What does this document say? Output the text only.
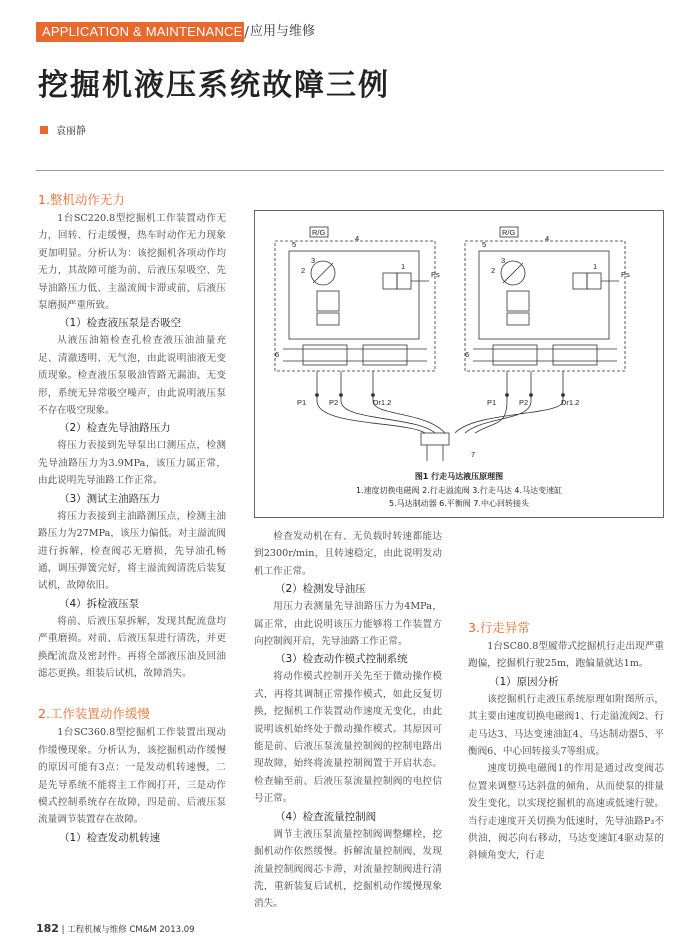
APPLICATION & MAINTENANCE / 应用与维修
挖掘机液压系统故障三例
袁丽静

1.整机动作无力

1台SC220.8型挖掘机工作装置动作无力，回转、行走缓慢，热车时动作无力现象更加明显。分析认为：该挖掘机各项动作均无力，其故障可能为前、后液压泵吸空、先导油路压力低、主溢流阀卡滞或前、后液压泵磨损严重所致。

（1）检查液压泵是否吸空

从液压油箱检查孔检查液压油油量充足、清澈透明、无气泡，由此说明油液无变质现象。检查液压泵吸油管路无漏油、无变形，系统无异常吸空噪声，由此说明液压泵不存在吸空现象。

（2）检查先导油路压力

将压力表接到先导泵出口测压点，检测先导油路压力为3.9MPa，该压力属正常，由此说明先导油路工作正常。

（3）测试主油路压力

将压力表接到主油路测压点，检测主油路压力为27MPa，该压力偏低。对主溢流阀进行拆解，检查阀芯无磨损，先导油孔畅通，调压弹簧完好，将主溢流阀清洗后装复试机，故障依旧。

（4）拆检液压泵

将前、后液压泵拆解，发现其配流盘均严重磨损。对前、后液压泵进行清洗，并更换配流盘及密封件。再将全部液压油及回油滤芯更换。组装后试机，故障消失。

2.工作装置动作缓慢

1台SC360.8型挖掘机工作装置出现动作缓慢现象。分析认为，该挖掘机动作缓慢的原因可能有3点：一是发动机转速慢，二是先导系统不能将主工作阀打开，三是动作模式控制系统存在故障，四是前、后液压泵流量调节装置存在故障。

（1）检查发动机转速

R/G	R/G
5	5
4	4
3	3
2	2
1	1
Ps	Ps
6	6
P1	P1
P2	P2
Dr1.2	Dr1.2
7
图1 行走马达液压原理图
1.速度切换电磁阀 2.行走溢流阀 3.行走马达 4.马达变速缸
5.马达制动器 6.平衡阀 7.中心回转接头

检查发动机在有、无负载时转速都能达到2300r/min，且转速稳定，由此说明发动机工作正常。

（2）检测发导油压

用压力表测量先导油路压力为4MPa，属正常，由此说明该压力能够将工作装置方向控制阀开启，先导油路工作正常。

（3）检查动作模式控制系统

将动作模式控制开关先至于微动操作模式，再将其调制正常操作模式，如此反复切换，挖掘机工作装置动作速度无变化，由此说明该机始终处于微动操作模式。其原因可能是前、后液压泵流量控制阀的控制电路出现故障，始终将流量控制阀置于开启状态。检查输至前、后液压泵流量控制阀的电控信号正常。

（4）检查流量控制阀

调节主液压泵流量控制阀调整螺栓，挖掘机动作依然缓慢。拆解流量控制阀，发现流量控制阀阀芯卡滞，对流量控制阀进行清洗，重新装复后试机，挖掘机动作缓慢现象消失。

3.行走异常

1台SC80.8型履带式挖掘机行走出现严重跑偏，挖掘机行驶25m，跑偏量就达1m。

（1）原因分析

该挖掘机行走液压系统原理如附图所示，其主要由速度切换电磁阀1、行走溢流阀2、行走马达3、马达变速油缸4、马达制动器5、平衡阀6、中心回转接头7等组成。

速度切换电磁阀1的作用是通过改变阀芯位置来调整马达斜盘的倾角，从而使泵的排量发生变化，以实现挖掘机的高速或低速行驶。当行走速度开关切换为低速时，先导油路P₃不供油，阀芯向右移动，马达变速缸4驱动泵的斜倾角变大，行走

182 | 工程机械与维修 CM&M 2013.09
